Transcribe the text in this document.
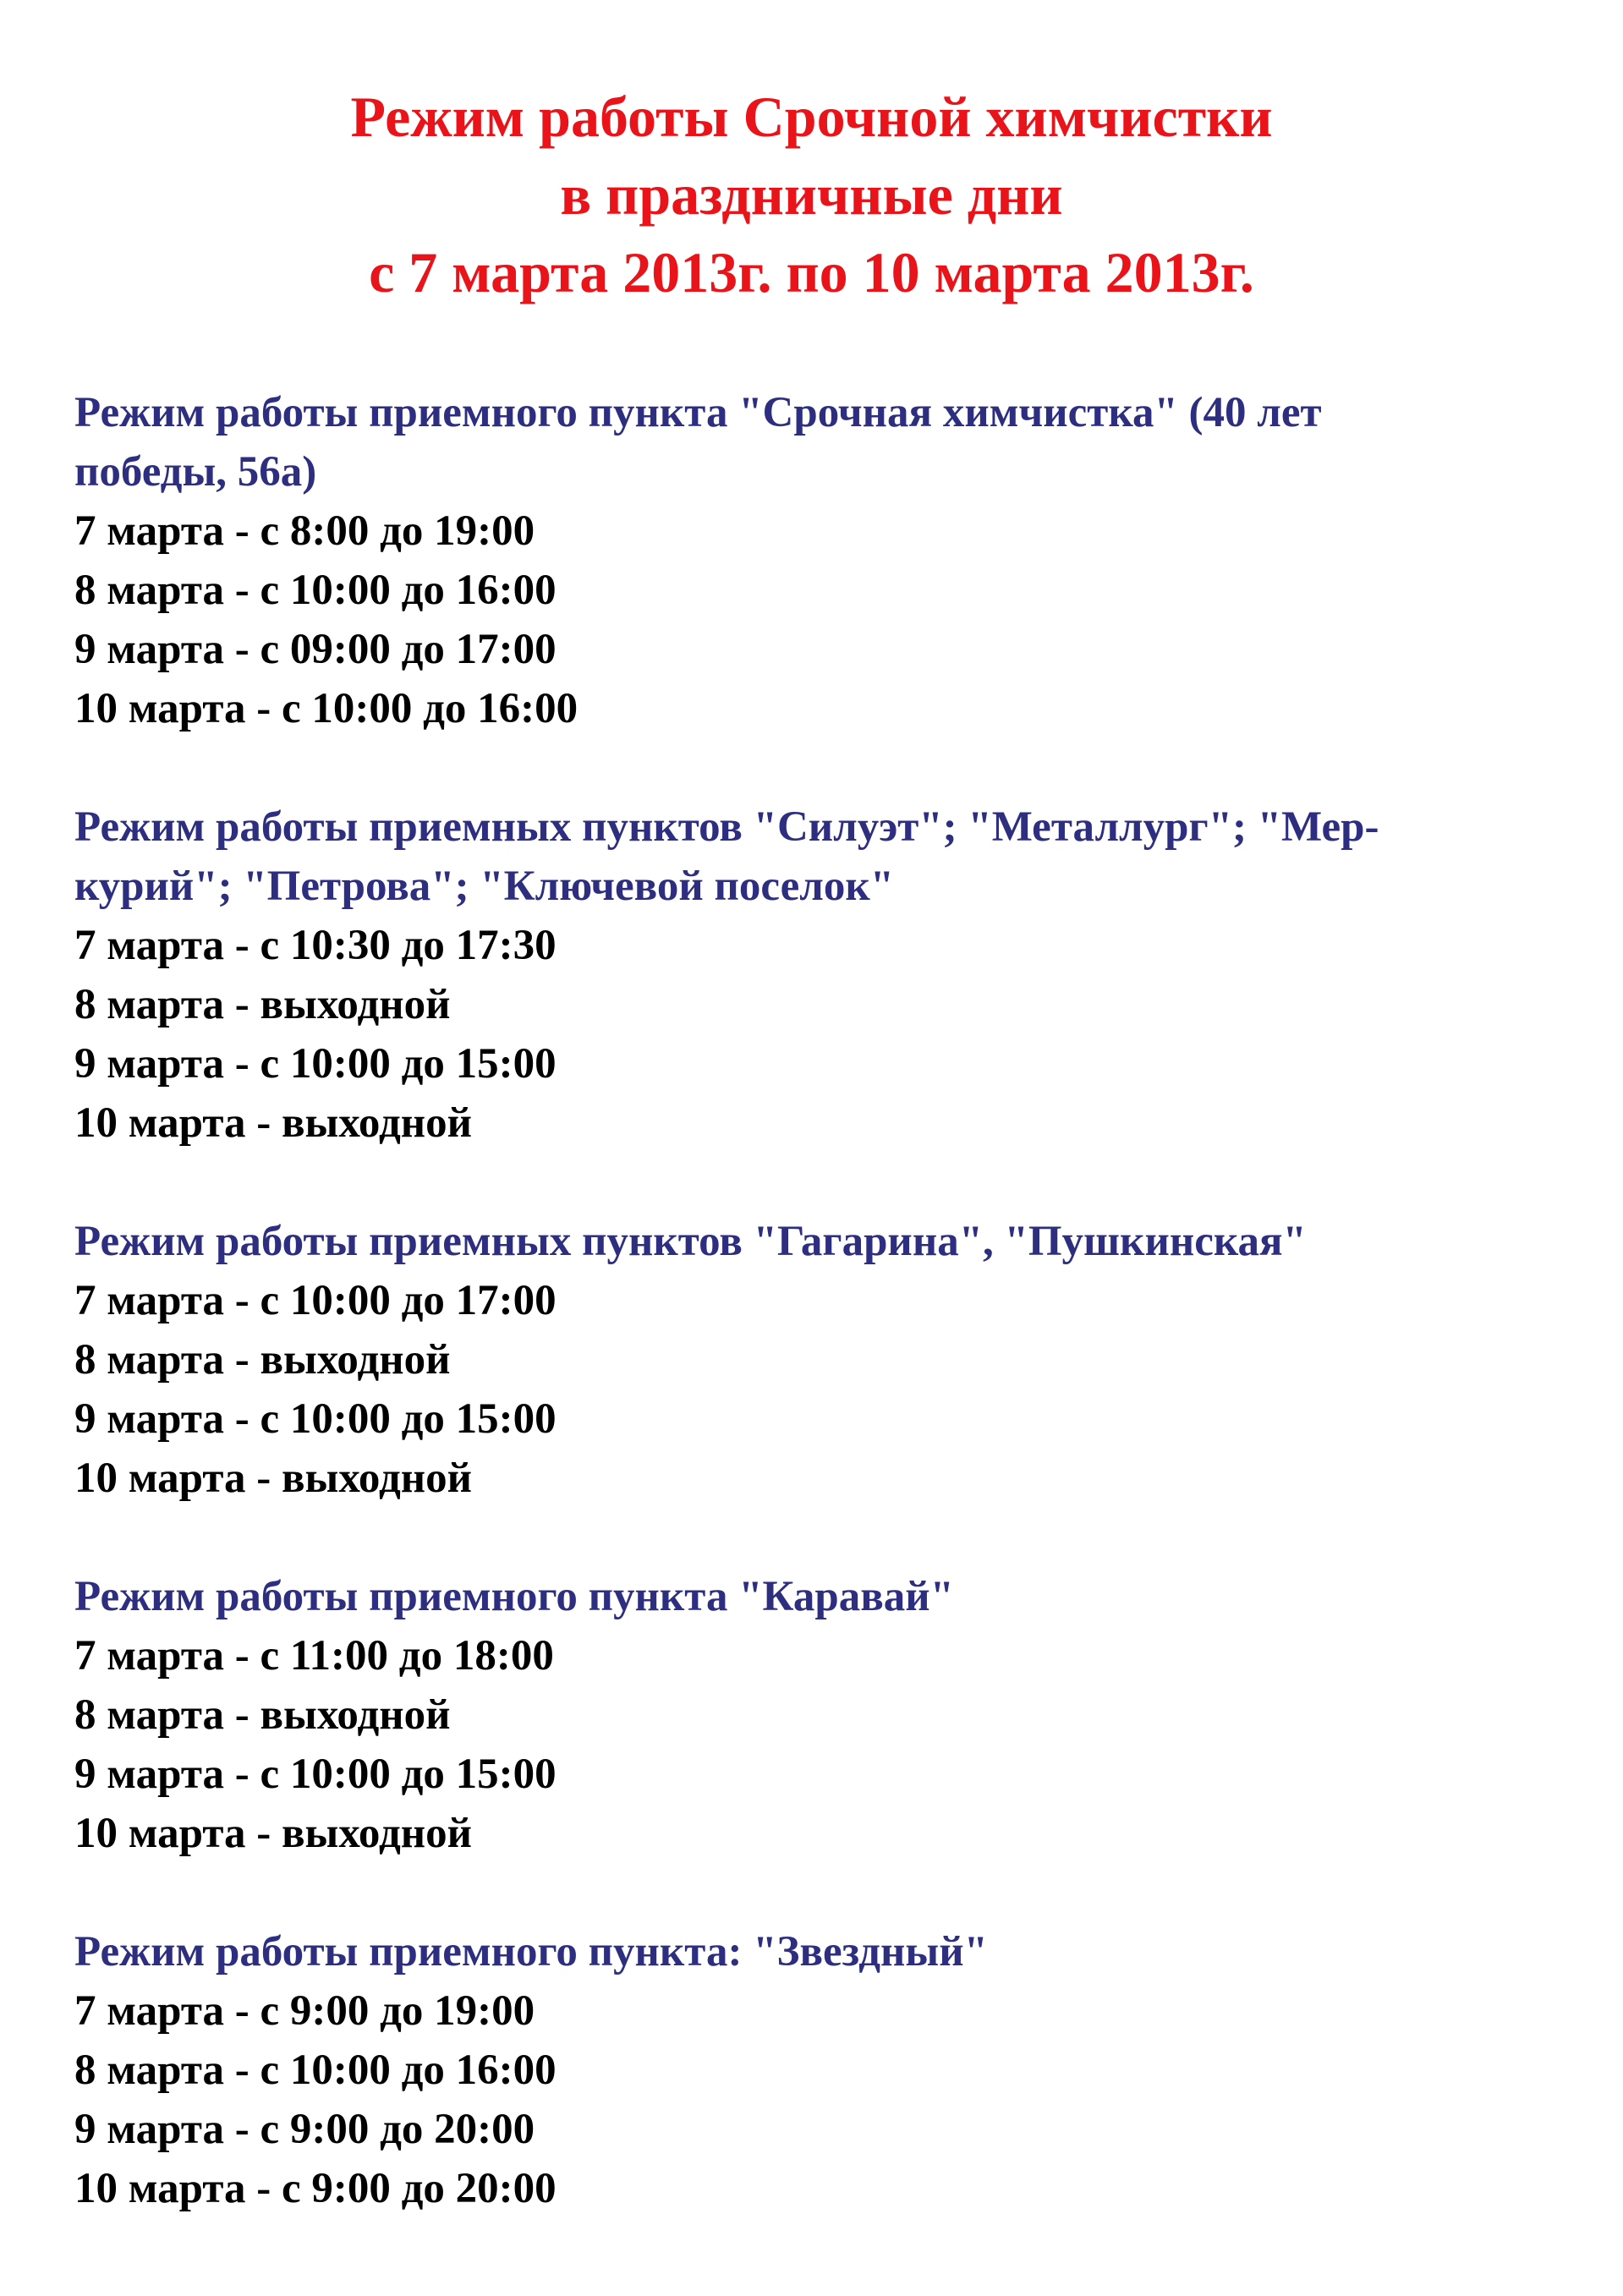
Режим работы Срочной химчистки
в праздничные дни
с 7 марта 2013г. по 10 марта 2013г.
Режим работы приемного пункта "Срочная химчистка" (40 лет
победы, 56а)
7 марта - с 8:00 до 19:00
8 марта - с 10:00 до 16:00
9 марта - с 09:00 до 17:00
10 марта - с 10:00 до 16:00
Режим работы приемных пунктов "Силуэт"; "Металлург"; "Мер-
курий"; "Петрова"; "Ключевой поселок"
7 марта - с 10:30 до 17:30
8 марта - выходной
9 марта - с 10:00 до 15:00
10 марта - выходной
Режим работы приемных пунктов "Гагарина", "Пушкинская"
7 марта - с 10:00 до 17:00
8 марта - выходной
9 марта - с 10:00 до 15:00
10 марта - выходной
Режим работы приемного пункта "Каравай"
7 марта - с 11:00 до 18:00
8 марта - выходной
9 марта - с 10:00 до 15:00
10 марта - выходной
Режим работы приемного пункта: "Звездный"
7 марта - с 9:00 до 19:00
8 марта - с 10:00 до 16:00
9 марта - с 9:00 до 20:00
10 марта - с 9:00 до 20:00
